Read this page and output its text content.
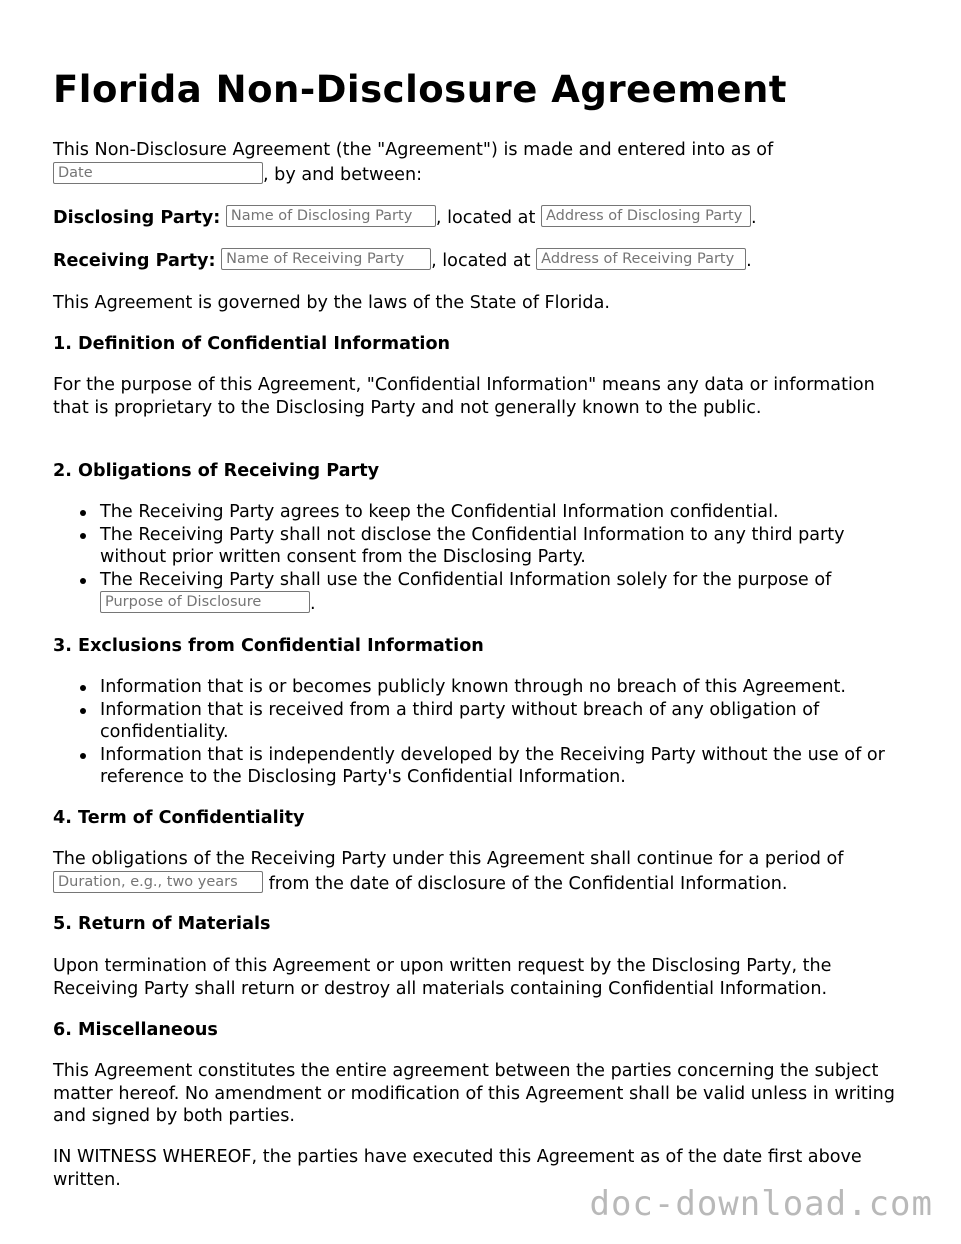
Florida Non-Disclosure Agreement
This Non-Disclosure Agreement (the "Agreement") is made and entered into as of
Date	, by and between:
Disclosing Party: Name of Disclosing Party , located at Address of Disclosing Party .
Receiving Party: Name of Receiving Party , located at Address of Receiving Party .
This Agreement is governed by the laws of the State of Florida.
1. Definition of Confidential Information
For the purpose of this Agreement, "Confidential Information" means any data or information that is proprietary to the Disclosing Party and not generally known to the public.
2. Obligations of Receiving Party
The Receiving Party agrees to keep the Confidential Information confidential.
The Receiving Party shall not disclose the Confidential Information to any third party without prior written consent from the Disclosing Party.
The Receiving Party shall use the Confidential Information solely for the purpose of
Purpose of Disclosure	.
3. Exclusions from Confidential Information
Information that is or becomes publicly known through no breach of this Agreement.
Information that is received from a third party without breach of any obligation of confidentiality.
Information that is independently developed by the Receiving Party without the use of or reference to the Disclosing Party's Confidential Information.
4. Term of Confidentiality
The obligations of the Receiving Party under this Agreement shall continue for a period of
Duration, e.g., two years from the date of disclosure of the Confidential Information.
5. Return of Materials
Upon termination of this Agreement or upon written request by the Disclosing Party, the Receiving Party shall return or destroy all materials containing Confidential Information.
6. Miscellaneous
This Agreement constitutes the entire agreement between the parties concerning the subject matter hereof. No amendment or modification of this Agreement shall be valid unless in writing and signed by both parties.
IN WITNESS WHEREOF, the parties have executed this Agreement as of the date first above written.
doc-download.com
